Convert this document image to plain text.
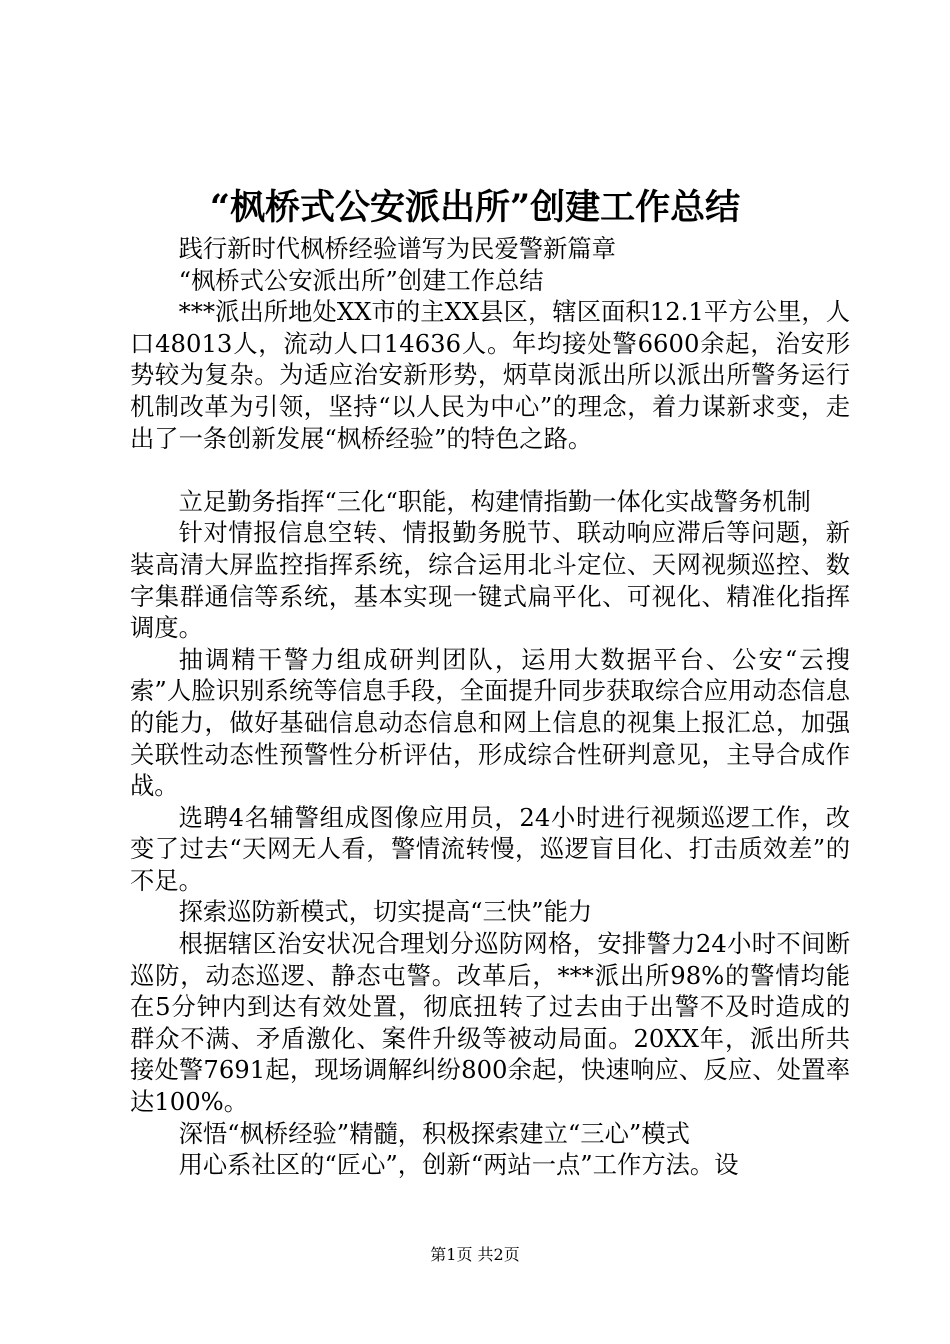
“枫桥式公安派出所”创建工作总结

践行新时代枫桥经验谱写为民爱警新篇章

“枫桥式公安派出所”创建工作总结

***派出所地处XX市的主XX县区，辖区面积12.1平方公里，人口48013人，流动人口14636人。年均接处警6600余起，治安形势较为复杂。为适应治安新形势，炳草岗派出所以派出所警务运行机制改革为引领，坚持“以人民为中心”的理念，着力谋新求变，走出了一条创新发展“枫桥经验”的特色之路。

立足勤务指挥“三化“职能，构建情指勤一体化实战警务机制

针对情报信息空转、情报勤务脱节、联动响应滞后等问题，新装高清大屏监控指挥系统，综合运用北斗定位、天网视频巡控、数字集群通信等系统，基本实现一键式扁平化、可视化、精准化指挥调度。

抽调精干警力组成研判团队，运用大数据平台、公安“云搜索”人脸识别系统等信息手段，全面提升同步获取综合应用动态信息的能力，做好基础信息动态信息和网上信息的视集上报汇总，加强关联性动态性预警性分析评估，形成综合性研判意见，主导合成作战。

选聘4名辅警组成图像应用员，24小时进行视频巡逻工作，改变了过去“天网无人看，警情流转慢，巡逻盲目化、打击质效差”的不足。

探索巡防新模式，切实提高“三快”能力

根据辖区治安状况合理划分巡防网格，安排警力24小时不间断巡防，动态巡逻、静态屯警。改革后，***派出所98%的警情均能在5分钟内到达有效处置，彻底扭转了过去由于出警不及时造成的群众不满、矛盾激化、案件升级等被动局面。20XX年，派出所共接处警7691起，现场调解纠纷800余起，快速响应、反应、处置率达100%。

深悟“枫桥经验”精髓，积极探索建立“三心”模式

用心系社区的“匠心”，创新“两站一点”工作方法。设

第1页 共2页
